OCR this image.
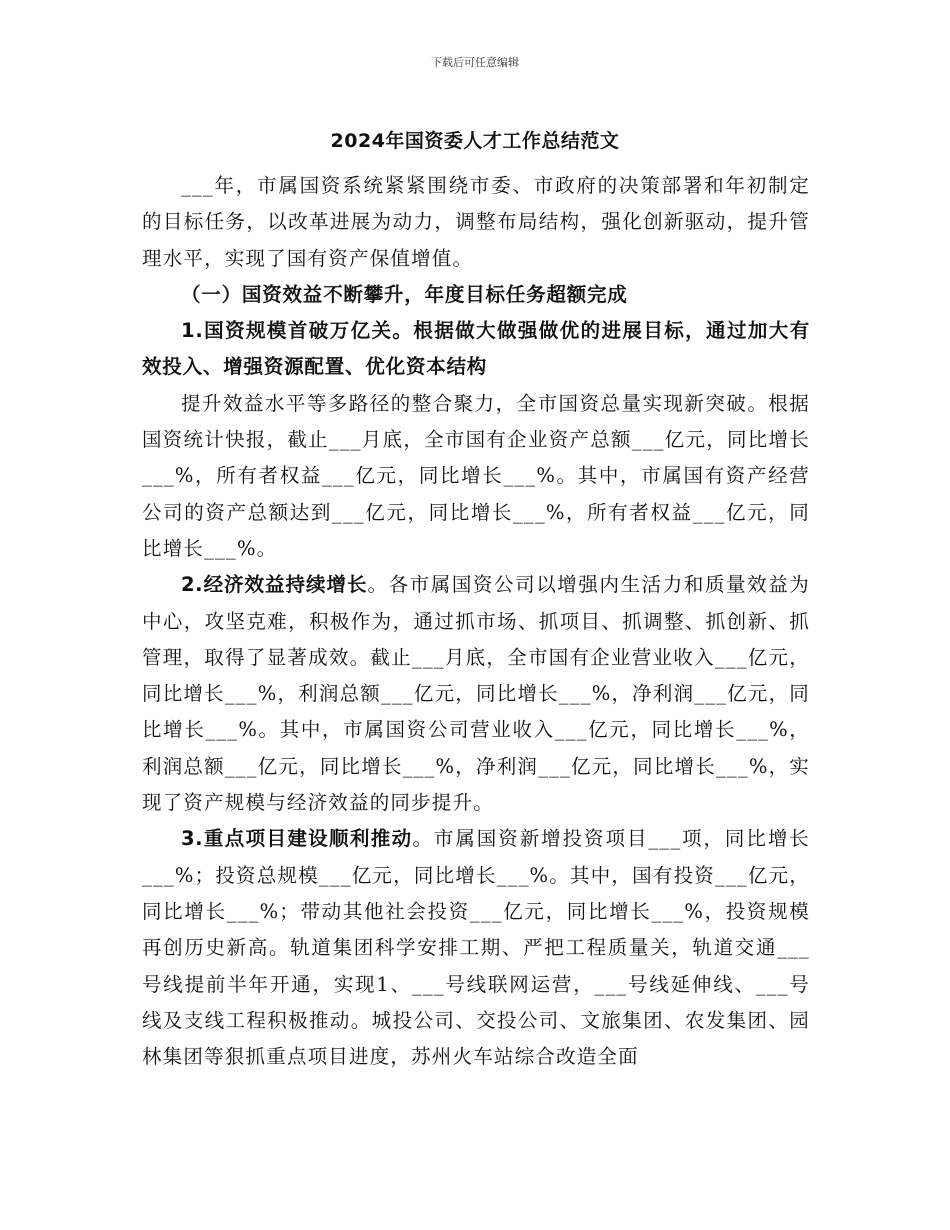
下载后可任意编辑
2024年国资委人才工作总结范文

___年，市属国资系统紧紧围绕市委、市政府的决策部署和年初制定的目标任务，以改革进展为动力，调整布局结构，强化创新驱动，提升管理水平，实现了国有资产保值增值。

（一）国资效益不断攀升，年度目标任务超额完成

1.国资规模首破万亿关。根据做大做强做优的进展目标，通过加大有效投入、增强资源配置、优化资本结构

提升效益水平等多路径的整合聚力，全市国资总量实现新突破。根据国资统计快报，截止___月底，全市国有企业资产总额___亿元，同比增长___%，所有者权益___亿元，同比增长___%。其中，市属国有资产经营公司的资产总额达到___亿元，同比增长___%，所有者权益___亿元，同比增长___%。

2.经济效益持续增长。各市属国资公司以增强内生活力和质量效益为中心，攻坚克难，积极作为，通过抓市场、抓项目、抓调整、抓创新、抓管理，取得了显著成效。截止___月底，全市国有企业营业收入___亿元，同比增长___%，利润总额___亿元，同比增长___%，净利润___亿元，同比增长___%。其中，市属国资公司营业收入___亿元，同比增长___%，利润总额___亿元，同比增长___%，净利润___亿元，同比增长___%，实现了资产规模与经济效益的同步提升。

3.重点项目建设顺利推动。市属国资新增投资项目___项，同比增长___%；投资总规模___亿元，同比增长___%。其中，国有投资___亿元，同比增长___%；带动其他社会投资___亿元，同比增长___%，投资规模再创历史新高。轨道集团科学安排工期、严把工程质量关，轨道交通___号线提前半年开通，实现1、___号线联网运营，___号线延伸线、___号线及支线工程积极推动。城投公司、交投公司、文旅集团、农发集团、园林集团等狠抓重点项目进度，苏州火车站综合改造全面
